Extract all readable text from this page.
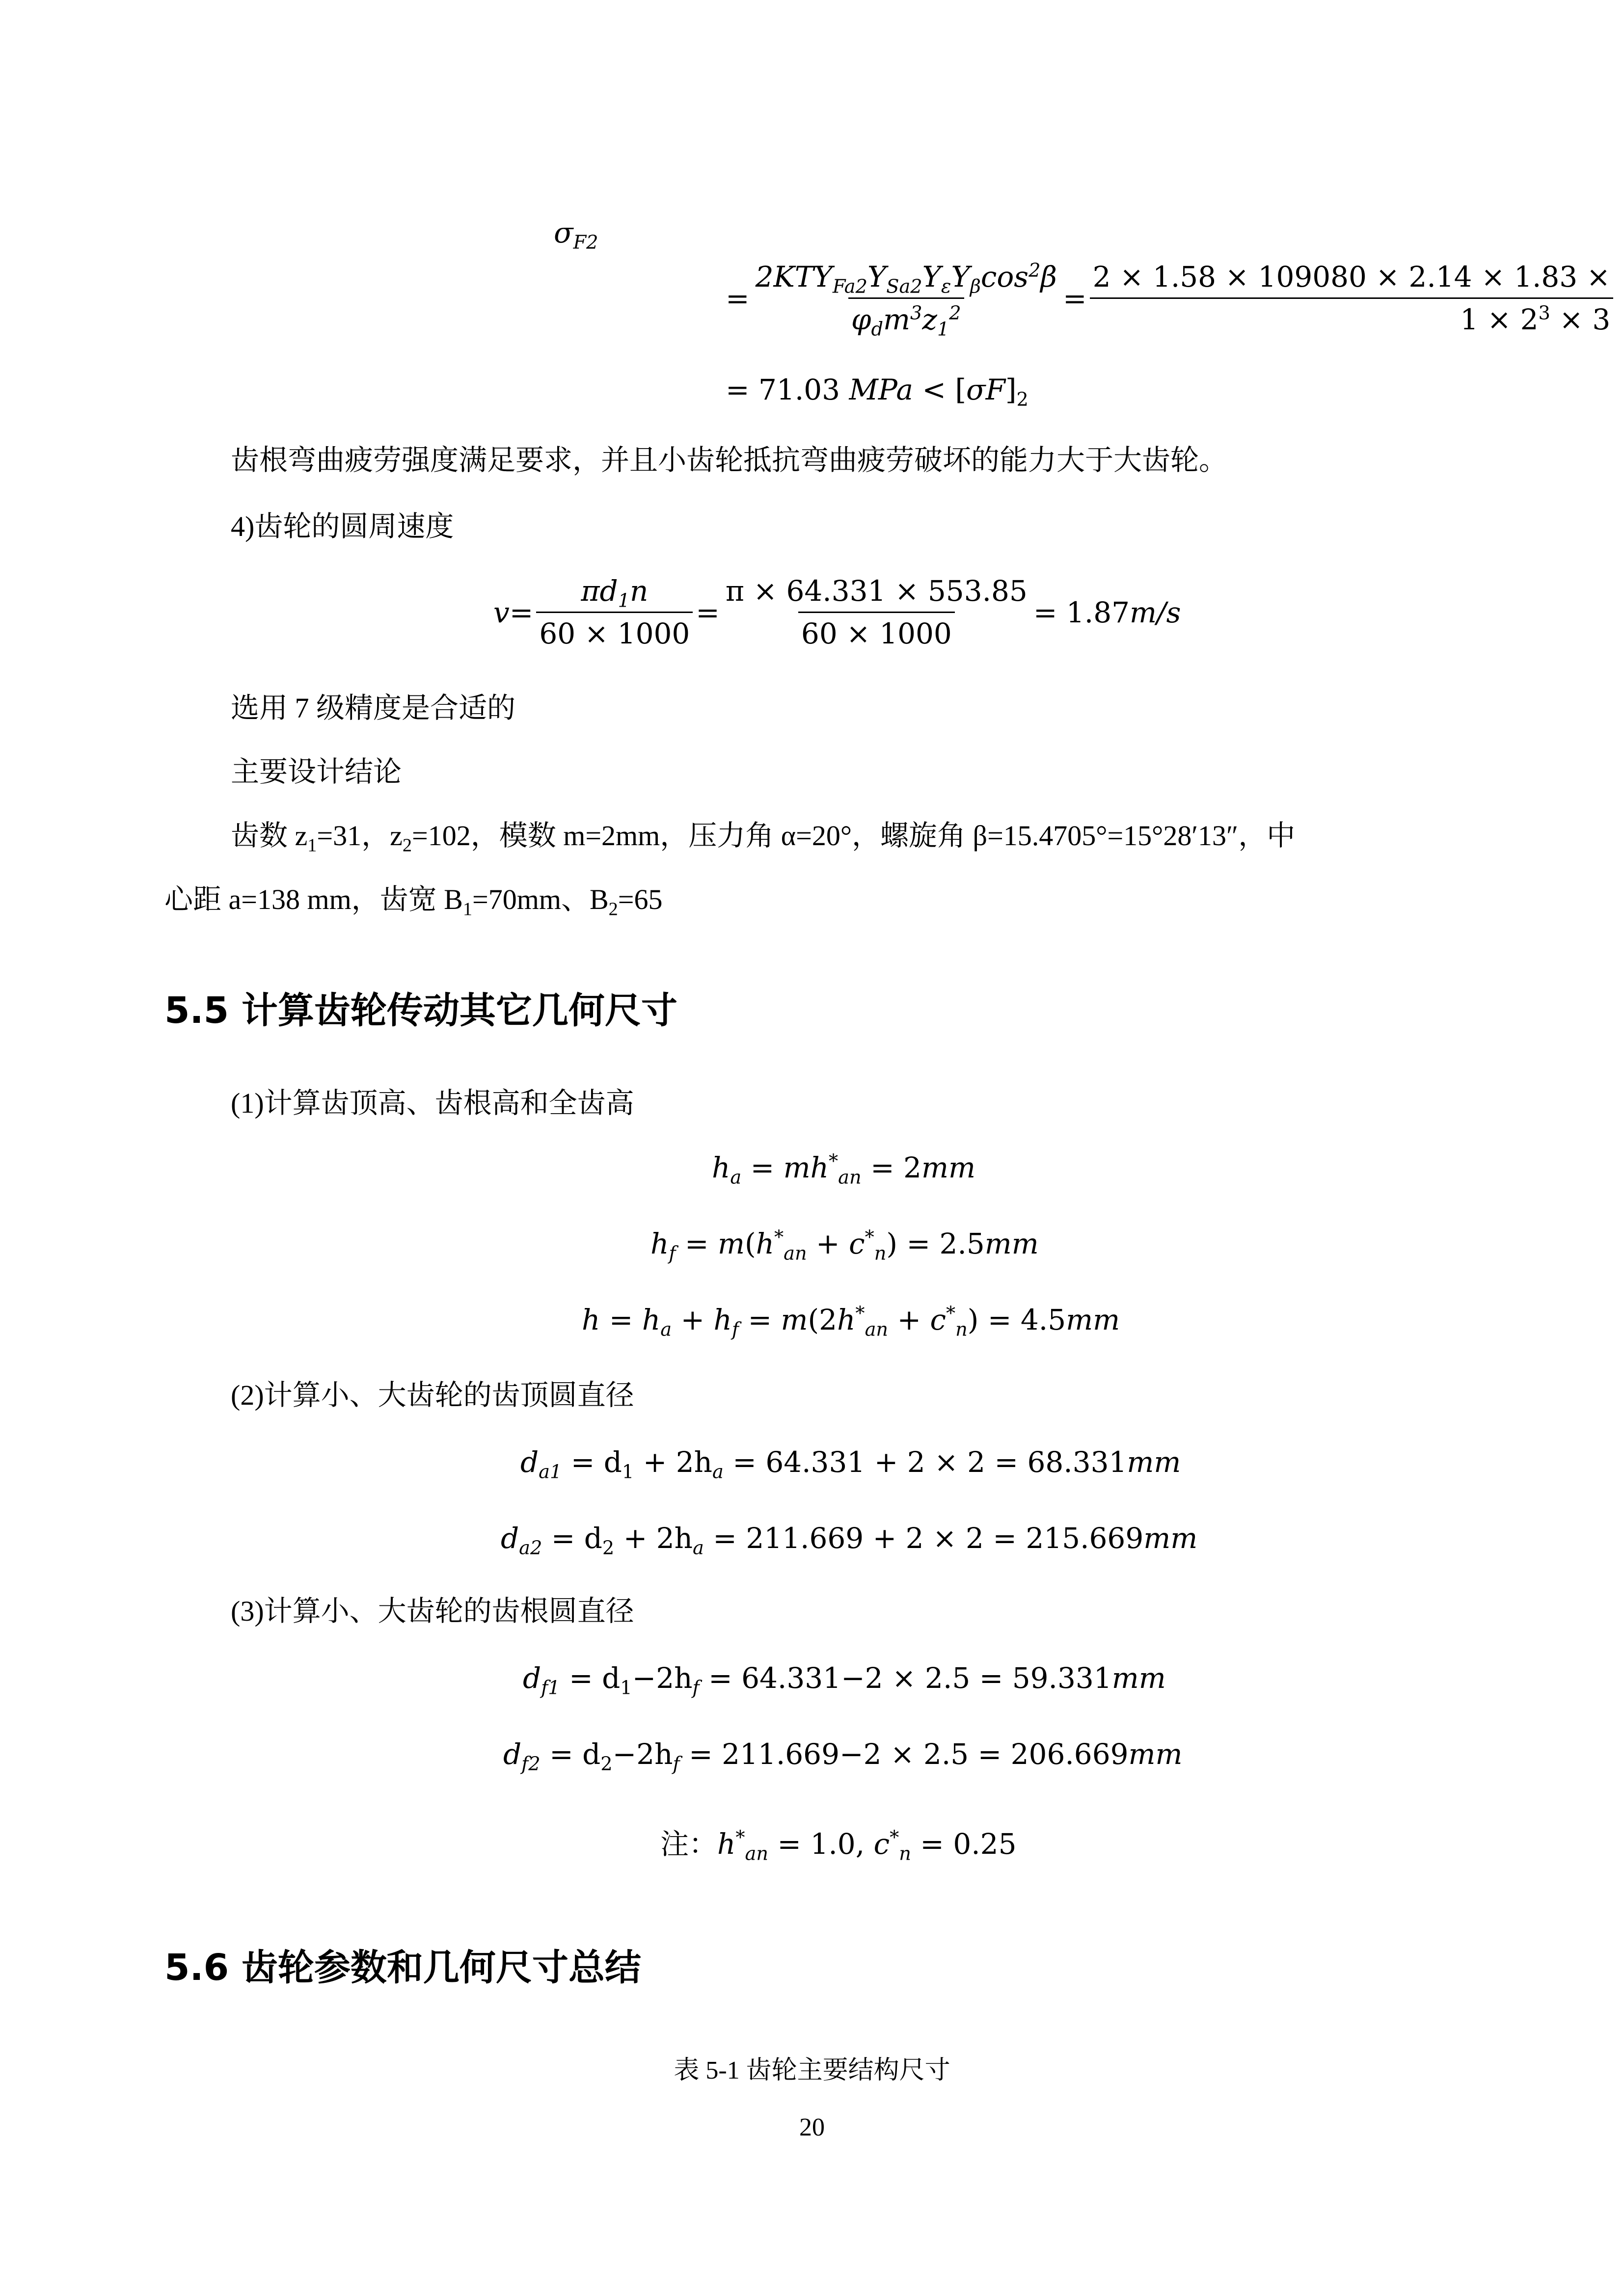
$\sigma_{F2}$
= $\frac{2KTY_{Fa2}Y_{Sa2}Y_\varepsilon Y_\beta\cos^2\beta}{\varphi_dm^3z_1^2} = \frac{2 \times 1.58 \times 109080 \times 2.14 \times 1.83 \times}{1 \times 2^3 \times 3}$
= 71.03 MPa < $[\sigma F]_2$
齿根弯曲疲劳强度满足要求，并且小齿轮抵抗弯曲疲劳破坏的能力大于大齿轮。
4)齿轮的圆周速度
$v = \frac{\pi d_1n}{60 \times 1000} = \frac{\pi \times 64.331 \times 553.85}{60 \times 1000} = 1.87m/s$
选用 7 级精度是合适的
主要设计结论
齿数 $z_1=31$，$z_2=102$，模数 m=2mm，压力角 α=20°，螺旋角 β=15.4705°=15°28′13″，中
心距 a=138 mm，齿宽 $B_1=70mm$、$B_2=65$
5.5 计算齿轮传动其它几何尺寸
(1)计算齿顶高、齿根高和全齿高
$h_a = mh^*_{an} = 2mm$
$h_f = m(h^*_{an} + c^*_n) = 2.5mm$
$h = h_a + h_f = m(2h^*_{an} + c^*_n) = 4.5mm$
(2)计算小、大齿轮的齿顶圆直径
$d_{a1} = d_1 + 2h_a = 64.331 + 2 \times 2 = 68.331mm$
$d_{a2} = d_2 + 2h_a = 211.669 + 2 \times 2 = 215.669mm$
(3)计算小、大齿轮的齿根圆直径
$d_{f1} = d_1-2h_f = 64.331-2 \times 2.5 = 59.331mm$
$d_{f2} = d_2-2h_f = 211.669-2 \times 2.5 = 206.669mm$
注：$h^*_{an} = 1.0$, $c^*_n = 0.25$
5.6 齿轮参数和几何尺寸总结
表 5-1 齿轮主要结构尺寸
20
